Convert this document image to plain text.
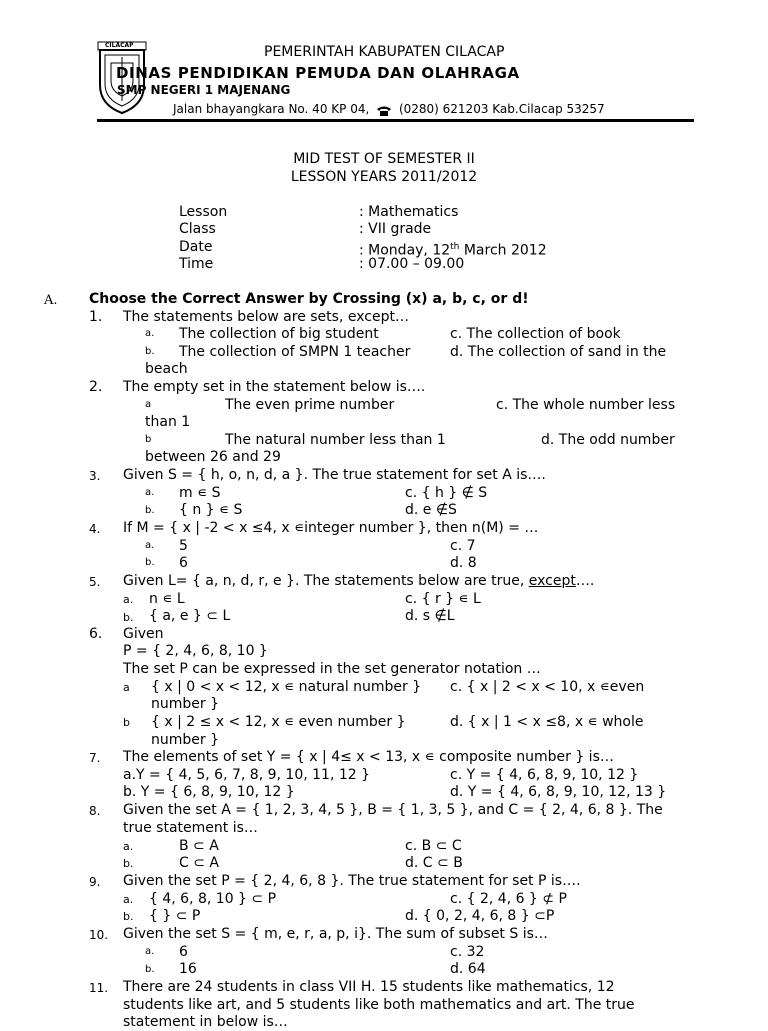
CILACAP	PEMERINTAH KABUPATEN CILACAP
DINAS PENDIDIKAN PEMUDA DAN OLAHRAGA
SMP NEGERI 1 MAJENANG
Jalan bhayangkara No. 40 KP 04, (0280) 621203 Kab.Cilacap 53257
MID TEST OF SEMESTER II
LESSON YEARS 2011/2012
Lesson	: Mathematics
Class	: VII grade
Date	: Monday, 12th March 2012
Time	: 07.00 – 09.00
A. Choose the Correct Answer by Crossing (x) a, b, c, or d!
1. The statements below are sets, except…
a. The collection of big student	c. The collection of book
b. The collection of SMPN 1 teacher	d. The collection of sand in the
beach
2. The empty set in the statement below is….
a	The even prime number	c. The whole number less
than 1
b	The natural number less than 1	d. The odd number
between 26 and 29
3. Given S = { h, o, n, d, a }. The true statement for set A is….
a. m ∊ S	c. { h } ∉ S
b. { n } ∊ S	d. e ∉S
4. If M = { x | -2 < x ≤4, x ∊integer number }, then n(M) = …
a. 5	c. 7
b. 6	d. 8
5. Given L= { a, n, d, r, e }. The statements below are true, except….
a. n ∊ L	c. { r } ∊ L
b. { a, e } ⊂ L	d. s ∉L
6. Given
P = { 2, 4, 6, 8, 10 }
The set P can be expressed in the set generator notation …
a { x | 0 < x < 12, x ∊ natural number } c. { x | 2 < x < 10, x ∊even
number }
b { x | 2 ≤ x < 12, x ∊ even number }	d. { x | 1 < x ≤8, x ∊ whole
number }
7. The elements of set Y = { x | 4≤ x < 13, x ∊ composite number } is…
a.Y = { 4, 5, 6, 7, 8, 9, 10, 11, 12 }	c. Y = { 4, 6, 8, 9, 10, 12 }
b. Y = { 6, 8, 9, 10, 12 }	d. Y = { 4, 6, 8, 9, 10, 12, 13 }
8. Given the set A = { 1, 2, 3, 4, 5 }, B = { 1, 3, 5 }, and C = { 2, 4, 6, 8 }. The
true statement is…
a.	B ⊂ A	c. B ⊂ C
b.	C ⊂ A	d. C ⊂ B
9. Given the set P = { 2, 4, 6, 8 }. The true statement for set P is….
a. { 4, 6, 8, 10 } ⊂ P	c. { 2, 4, 6 } ⊄ P
b. { } ⊂ P	d. { 0, 2, 4, 6, 8 } ⊂P
10. Given the set S = { m, e, r, a, p, i}. The sum of subset S is…
a. 6	c. 32
b. 16	d. 64
11. There are 24 students in class VII H. 15 students like mathematics, 12
students like art, and 5 students like both mathematics and art. The true
statement in below is…
